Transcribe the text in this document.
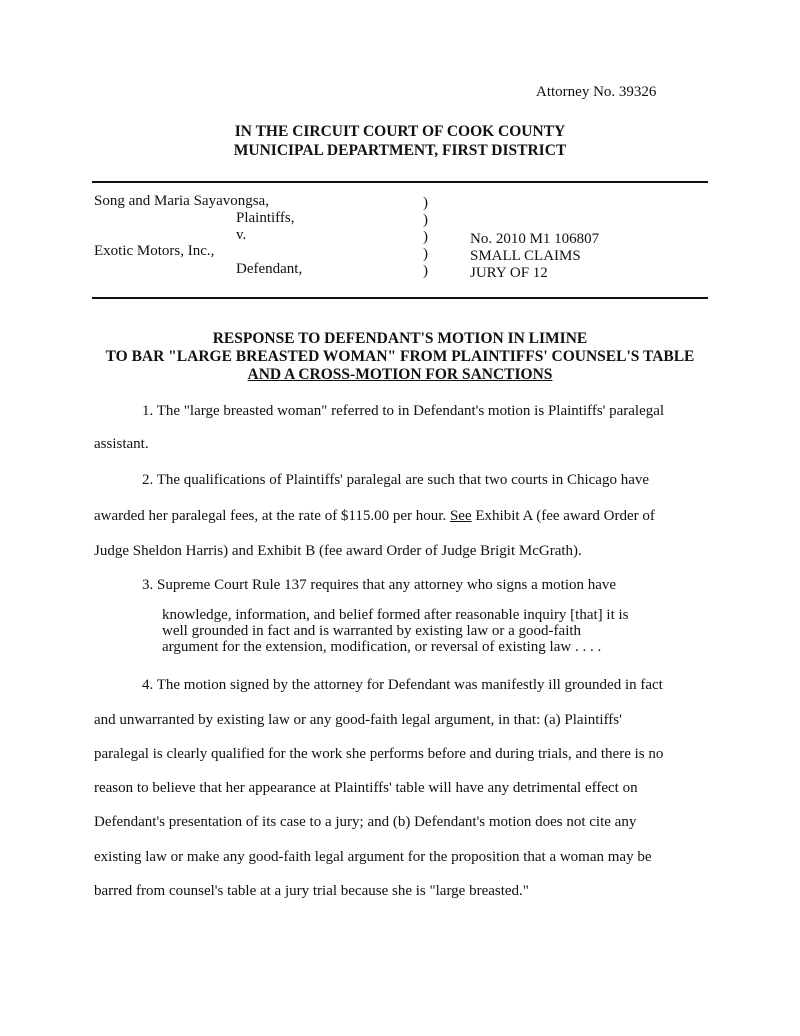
Attorney No. 39326
IN THE CIRCUIT COURT OF COOK COUNTY
MUNICIPAL DEPARTMENT, FIRST DISTRICT
Song and Maria Sayavongsa,
Plaintiffs,
v.
Exotic Motors, Inc.,
Defendant,
)
)
)
)
)
No. 2010 M1 106807
SMALL CLAIMS
JURY OF 12
RESPONSE TO DEFENDANT'S MOTION IN LIMINE
TO BAR "LARGE BREASTED WOMAN" FROM PLAINTIFFS' COUNSEL'S TABLE
AND A CROSS-MOTION FOR SANCTIONS
1. The "large breasted woman" referred to in Defendant's motion is Plaintiffs' paralegal
assistant.
2. The qualifications of Plaintiffs' paralegal are such that two courts in Chicago have
awarded her paralegal fees, at the rate of $115.00 per hour. See Exhibit A (fee award Order of
Judge Sheldon Harris) and Exhibit B (fee award Order of Judge Brigit McGrath).
3. Supreme Court Rule 137 requires that any attorney who signs a motion have
knowledge, information, and belief formed after reasonable inquiry [that] it is
well grounded in fact and is warranted by existing law or a good-faith
argument for the extension, modification, or reversal of existing law . . . .
4. The motion signed by the attorney for Defendant was manifestly ill grounded in fact
and unwarranted by existing law or any good-faith legal argument, in that: (a) Plaintiffs'
paralegal is clearly qualified for the work she performs before and during trials, and there is no
reason to believe that her appearance at Plaintiffs' table will have any detrimental effect on
Defendant's presentation of its case to a jury; and (b) Defendant's motion does not cite any
existing law or make any good-faith legal argument for the proposition that a woman may be
barred from counsel's table at a jury trial because she is "large breasted."
